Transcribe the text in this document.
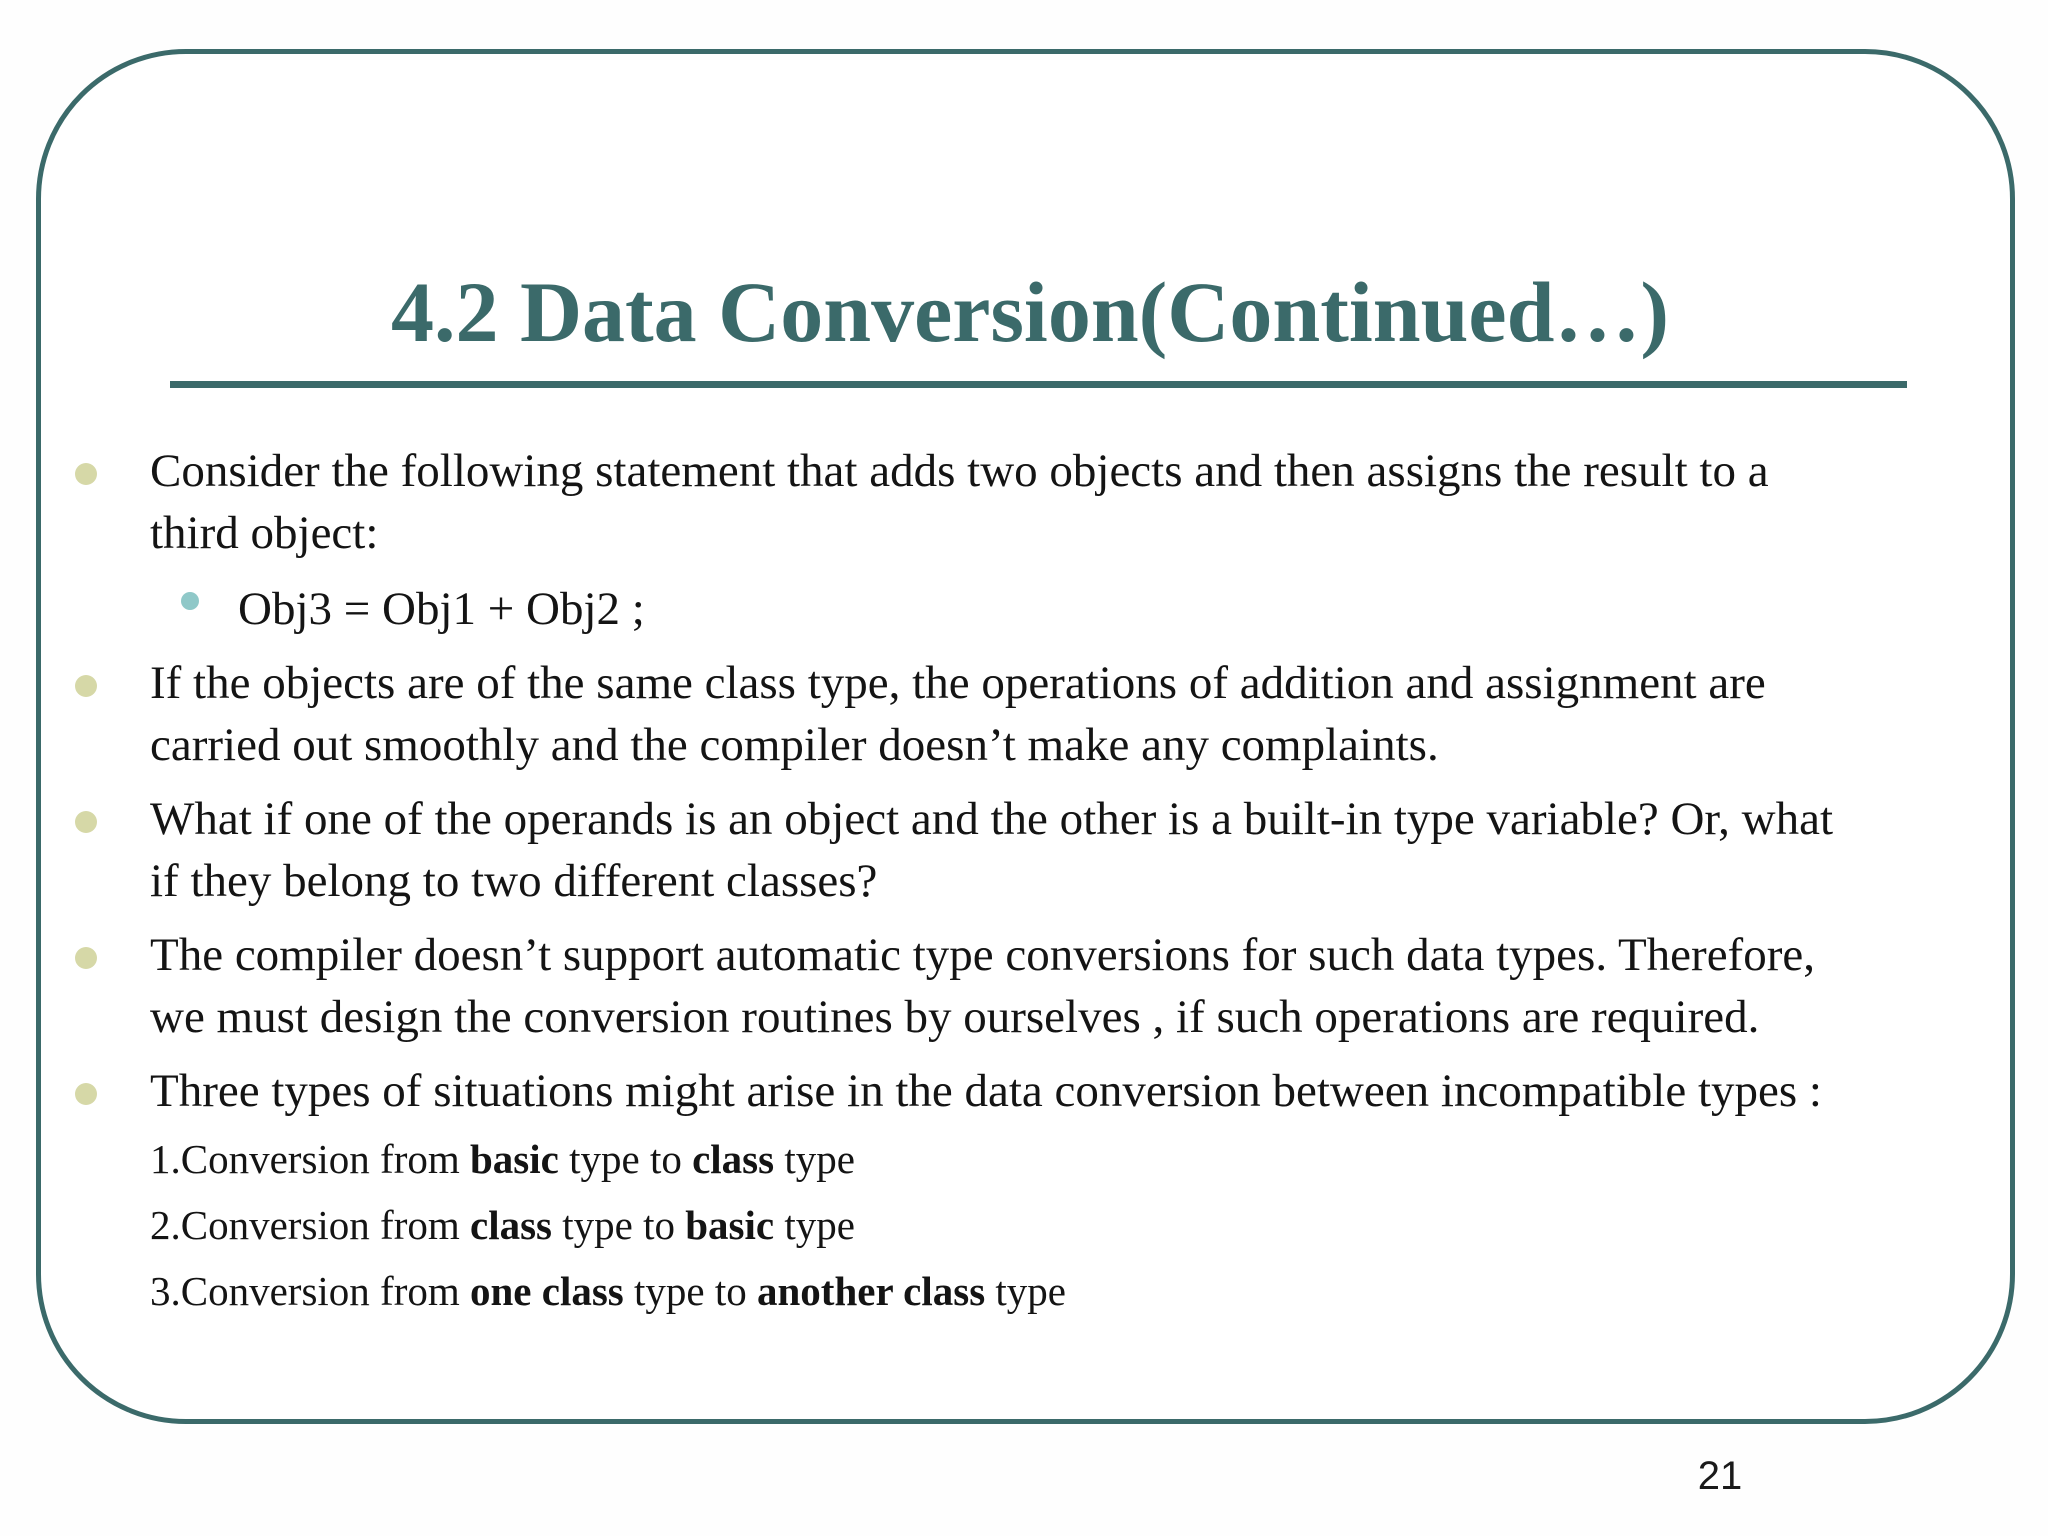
4.2 Data Conversion(Continued…)
Consider the following statement that adds two objects and then assigns the result to a
third object:
Obj3 = Obj1 + Obj2 ;
If the objects are of the same class type, the operations of addition and assignment are
carried out smoothly and the compiler doesn’t make any complaints.
What if one of the operands is an object and the other is a built-in type variable? Or, what
if they belong to two different classes?
The compiler doesn’t support automatic type conversions for such data types. Therefore,
we must design the conversion routines by ourselves , if such operations are required.
Three types of situations might arise in the data conversion between incompatible types :
1.Conversion from basic type to class type
2.Conversion from class type to basic type
3.Conversion from one class type to another class type
21
